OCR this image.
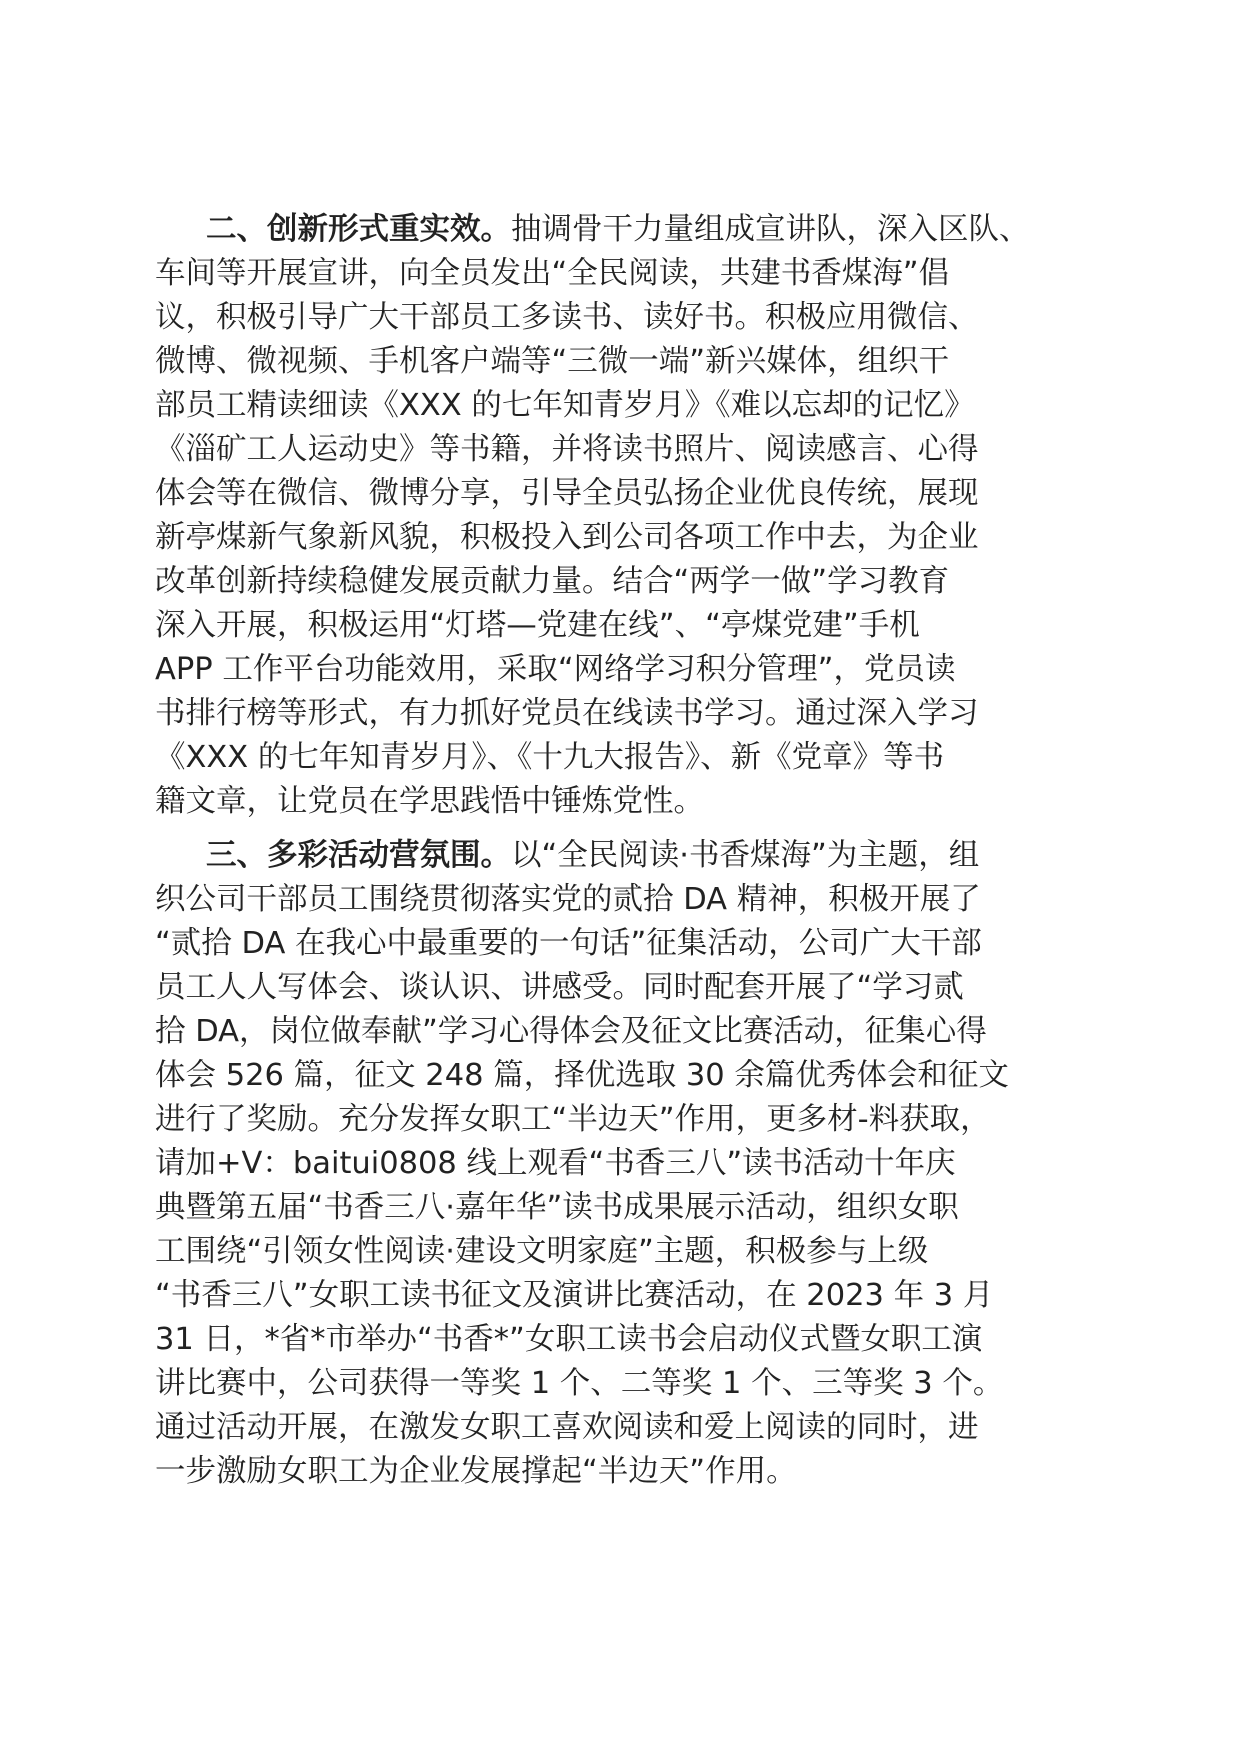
二、创新形式重实效。抽调骨干力量组成宣讲队，深入区队、
车间等开展宣讲，向全员发出“全民阅读，共建书香煤海”倡
议，积极引导广大干部员工多读书、读好书。积极应用微信、
微博、微视频、手机客户端等“三微一端”新兴媒体，组织干
部员工精读细读《XXX 的七年知青岁月》《难以忘却的记忆》
《淄矿工人运动史》等书籍，并将读书照片、阅读感言、心得
体会等在微信、微博分享，引导全员弘扬企业优良传统，展现
新亭煤新气象新风貌，积极投入到公司各项工作中去，为企业
改革创新持续稳健发展贡献力量。结合“两学一做”学习教育
深入开展，积极运用“灯塔—党建在线”、“亭煤党建”手机
APP 工作平台功能效用，采取“网络学习积分管理”，党员读
书排行榜等形式，有力抓好党员在线读书学习。通过深入学习
《XXX 的七年知青岁月》、《十九大报告》、新《党章》等书
籍文章，让党员在学思践悟中锤炼党性。
三、多彩活动营氛围。以“全民阅读·书香煤海”为主题，组
织公司干部员工围绕贯彻落实党的贰拾 DA 精神，积极开展了
“贰拾 DA 在我心中最重要的一句话”征集活动，公司广大干部
员工人人写体会、谈认识、讲感受。同时配套开展了“学习贰
拾 DA，岗位做奉献”学习心得体会及征文比赛活动，征集心得
体会 526 篇，征文 248 篇，择优选取 30 余篇优秀体会和征文
进行了奖励。充分发挥女职工“半边天”作用，更多材-料获取，
请加+V：baitui0808 线上观看“书香三八”读书活动十年庆
典暨第五届“书香三八·嘉年华”读书成果展示活动，组织女职
工围绕“引领女性阅读·建设文明家庭”主题，积极参与上级
“书香三八”女职工读书征文及演讲比赛活动，在 2023 年 3 月
31 日，*省*市举办“书香*”女职工读书会启动仪式暨女职工演
讲比赛中，公司获得一等奖 1 个、二等奖 1 个、三等奖 3 个。
通过活动开展，在激发女职工喜欢阅读和爱上阅读的同时，进
一步激励女职工为企业发展撑起“半边天”作用。
